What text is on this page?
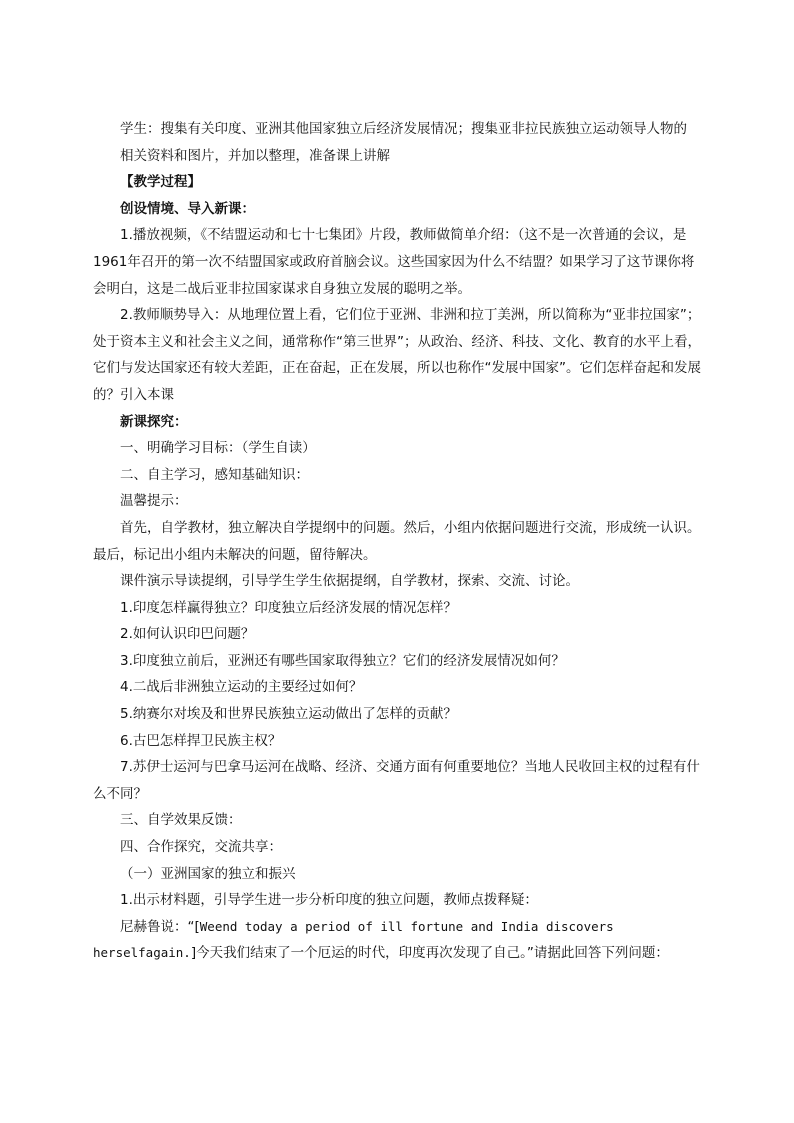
学生：搜集有关印度、亚洲其他国家独立后经济发展情况；搜集亚非拉民族独立运动领导人物的

相关资料和图片，并加以整理，准备课上讲解

【教学过程】

创设情境、导入新课：

1.播放视频，《不结盟运动和七十七集团》片段，教师做简单介绍：（这不是一次普通的会议，是1961年召开的第一次不结盟国家或政府首脑会议。这些国家因为什么不结盟？如果学习了这节课你将会明白，这是二战后亚非拉国家谋求自身独立发展的聪明之举。

2.教师顺势导入：从地理位置上看，它们位于亚洲、非洲和拉丁美洲，所以简称为“亚非拉国家”；处于资本主义和社会主义之间，通常称作“第三世界”；从政治、经济、科技、文化、教育的水平上看，它们与发达国家还有较大差距，正在奋起，正在发展，所以也称作“发展中国家”。它们怎样奋起和发展的？引入本课

新课探究：

一、明确学习目标：（学生自读）

二、自主学习，感知基础知识：

温馨提示：

首先，自学教材，独立解决自学提纲中的问题。然后，小组内依据问题进行交流，形成统一认识。最后，标记出小组内未解决的问题，留待解决。

课件演示导读提纲，引导学生学生依据提纲，自学教材，探索、交流、讨论。

1.印度怎样赢得独立？印度独立后经济发展的情况怎样？

2.如何认识印巴问题？

3.印度独立前后，亚洲还有哪些国家取得独立？它们的经济发展情况如何？

4.二战后非洲独立运动的主要经过如何？

5.纳赛尔对埃及和世界民族独立运动做出了怎样的贡献？

6.古巴怎样捍卫民族主权？

7.苏伊士运河与巴拿马运河在战略、经济、交通方面有何重要地位？当地人民收回主权的过程有什么不同？

三、自学效果反馈：

四、合作探究，交流共享：

（一）亚洲国家的独立和振兴

1.出示材料题，引导学生进一步分析印度的独立问题，教师点拨释疑：

尼赫鲁说：“[Weend today a period of ill fortune and India discovers herselfagain.]今天我们结束了一个厄运的时代，印度再次发现了自己。”请据此回答下列问题：
